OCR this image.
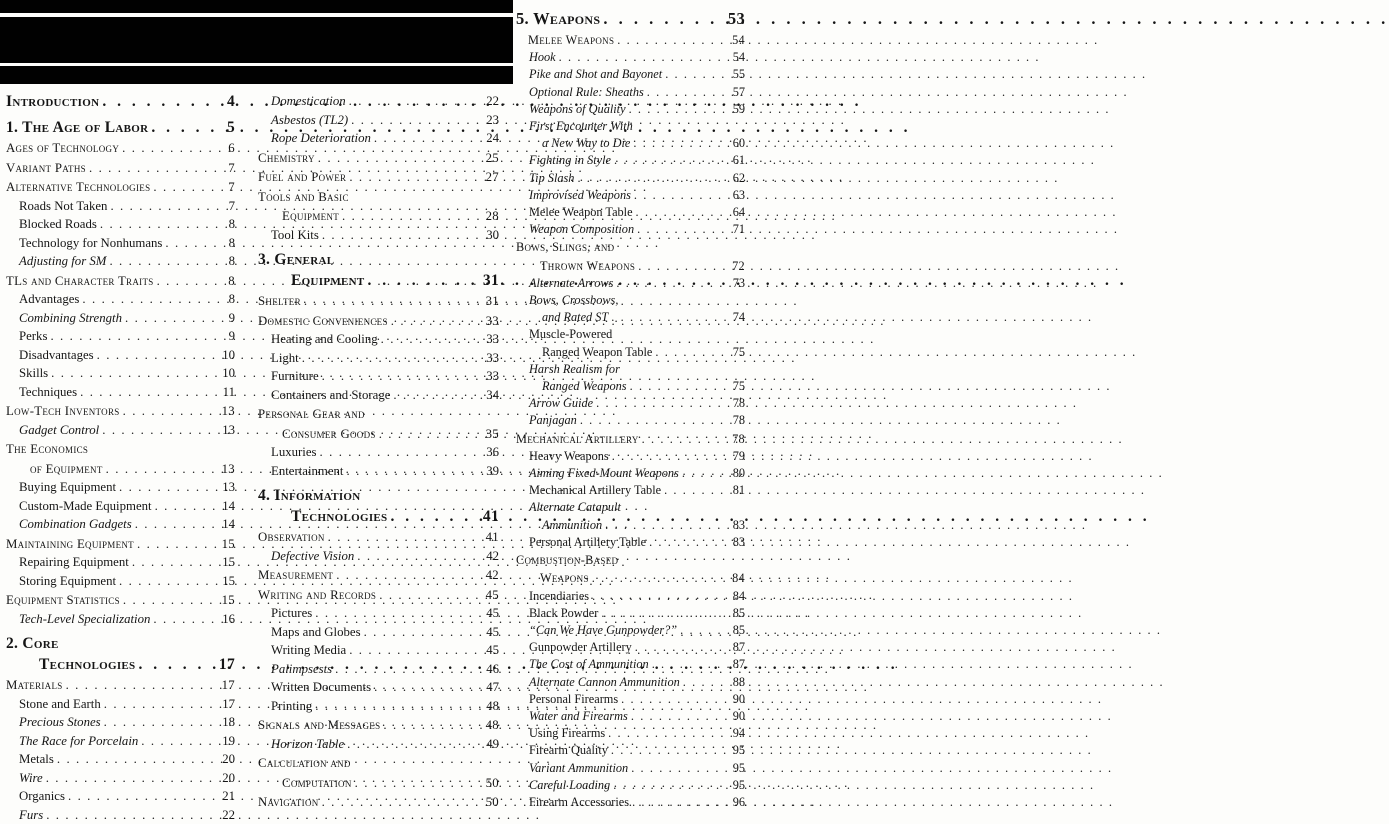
Introduction . . .	4
1. The Age of Labor . . .	5
Ages of Technology . . .	6
Variant Paths . . .	7
Alternative Technologies . . .	7
Roads Not Taken . . .	7
Blocked Roads . . .	8
Technology for Nonhumans . . .	8
Adjusting for SM . . .	8
TLs and Character Traits . . .	8
Advantages . . .	8
Combining Strength . . .	9
Perks . . .	9
Disadvantages . . .	10
Skills . . .	10
Techniques . . .	11
Low-Tech Inventors . . .	13
Gadget Control . . .	13
The Economics
of Equipment . . .	13
Buying Equipment . . .	13
Custom-Made Equipment . . .	14
Combination Gadgets . . .	14
Maintaining Equipment . . .	15
Repairing Equipment . . .	15
Storing Equipment . . .	15
Equipment Statistics . . .	15
Tech-Level Specialization . . .	16
2. Core
Technologies . . .	17
Materials . . .	17
Stone and Earth . . .	17
Precious Stones . . .	18
The Race for Porcelain . . .	19
Metals . . .	20
Wire . . .	20
Organics . . .	21
Furs . . .	22
Domestication . . .	22
Asbestos (TL2) . . .	23
Rope Deterioration . . .	24
Chemistry . . .	25
Fuel and Power . . .	27
Tools and Basic
Equipment . . .	28
Tool Kits . . .	30
3. General
Equipment . . .	31
Shelter . . .	31
Domestic Conveniences . . .	33
Heating and Cooling . . .	33
Light . . .	33
Furniture . . .	33
Containers and Storage . . .	34
Personal Gear and
Consumer Goods . . .	35
Luxuries . . .	36
Entertainment . . .	39
4. Information
Technologies . . .	41
Observation . . .	41
Defective Vision . . .	42
Measurement . . .	42
Writing and Records . . .	45
Pictures . . .	45
Maps and Globes . . .	45
Writing Media . . .	45
Palimpsests . . .	46
Written Documents . . .	47
Printing . . .	48
Signals and Messages . . .	48
Horizon Table . . .	49
Calculation and
Computation . . .	50
Navigation . . .	50
5. Weapons . . .	53
Melee Weapons . . .	54
Hook . . .	54
Pike and Shot and Bayonet . . .	55
Optional Rule: Sheaths . . .	57
Weapons of Quality . . .	59
First Encounter With
a New Way to Die . . .	60
Fighting in Style . . .	61
Tip Slash . . .	62
Improvised Weapons . . .	63
Melee Weapon Table . . .	64
Weapon Composition . . .	71
Bows, Slings, and
Thrown Weapons . . .	72
Alternate Arrows . . .	73
Bows, Crossbows,
and Rated ST . . .	74
Muscle-Powered
Ranged Weapon Table . . .	75
Harsh Realism for
Ranged Weapons . . .	75
Arrow Guide . . .	78
Panjagan . . .	78
Mechanical Artillery . . .	78
Heavy Weapons . . .	79
Aiming Fixed-Mount Weapons . . .	80
Mechanical Artillery Table . . .	81
Alternate Catapult
Ammunition . . .	83
Personal Artillery Table . . .	83
Combustion-Based
Weapons . . .	84
Incendiaries . . .	84
Black Powder . . .	85
“Can We Have Gunpowder?” . . .	85
Gunpowder Artillery . . .	87
The Cost of Ammunition . . .	87
Alternate Cannon Ammunition . . .	88
Personal Firearms . . .	90
Water and Firearms . . .	90
Using Firearms . . .	94
Firearm Quality . . .	95
Variant Ammunition . . .	95
Careful Loading . . .	95
Firearm Accessories . . .	96
